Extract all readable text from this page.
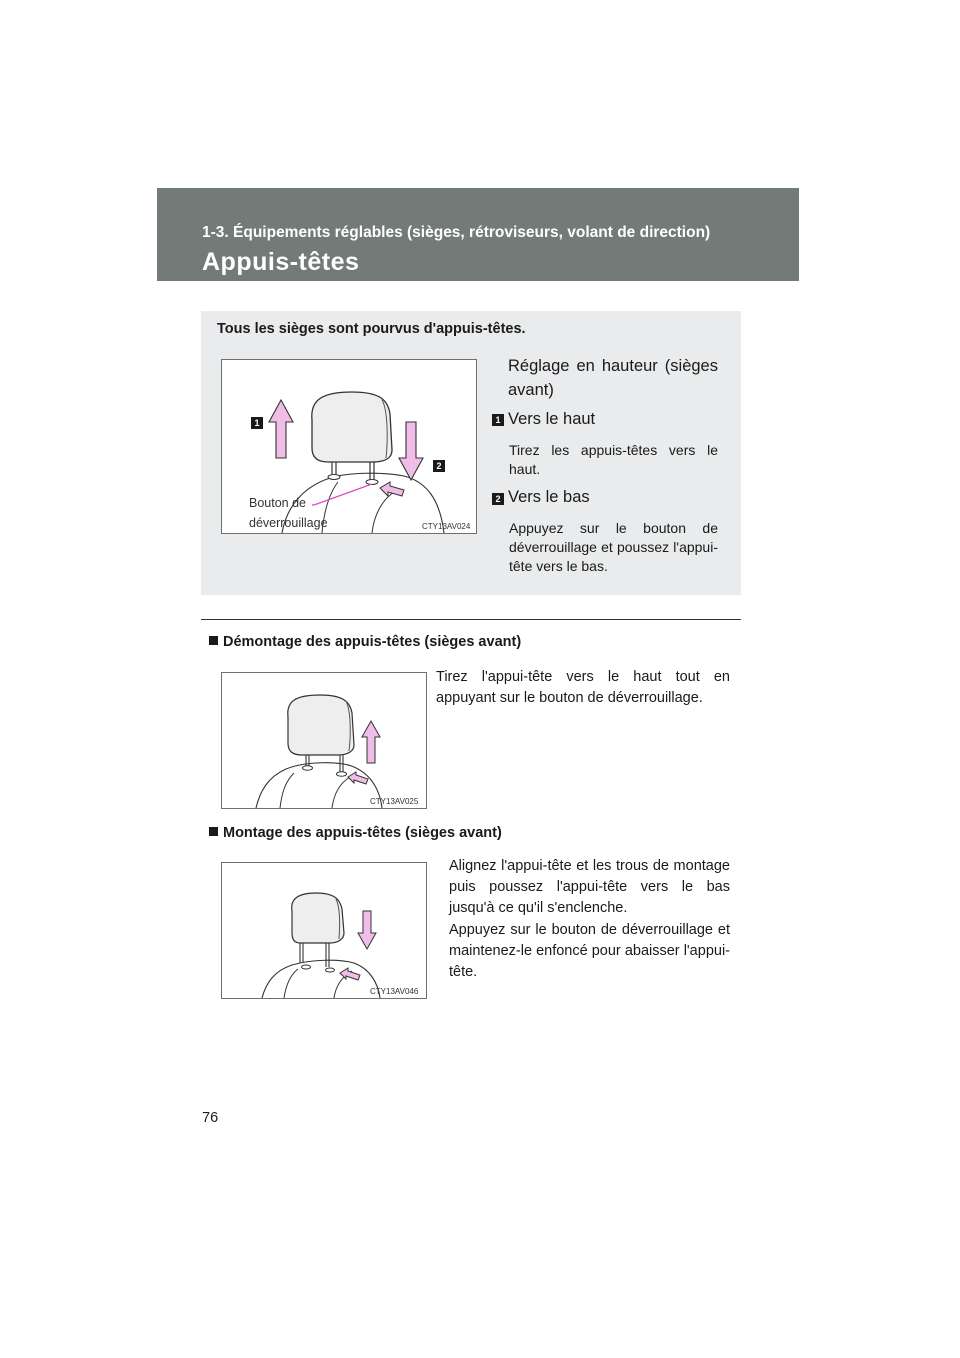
1-3. Équipements réglables (sièges, rétroviseurs, volant de direction)
Appuis-têtes
Tous les sièges sont pourvus d'appuis-têtes.
1
2
Bouton de
déverrouillage	CTY13AV024
Réglage en hauteur (sièges
avant)
1 Vers le haut
Tirez les appuis-têtes vers le haut.
2 Vers le bas
Appuyez sur le bouton de déverrouillage et poussez l'appui-tête vers le bas.
Démontage des appuis-têtes (sièges avant)
Tirez l'appui-tête vers le haut tout en appuyant sur le bouton de déverrouillage.
CTY13AV025
Montage des appuis-têtes (sièges avant)
Alignez l'appui-tête et les trous de montage puis poussez l'appui-tête vers le bas jusqu'à ce qu'il s'enclenche.
Appuyez sur le bouton de déverrouillage et maintenez-le enfoncé pour abaisser l'appui-tête.
CTY13AV046
76
